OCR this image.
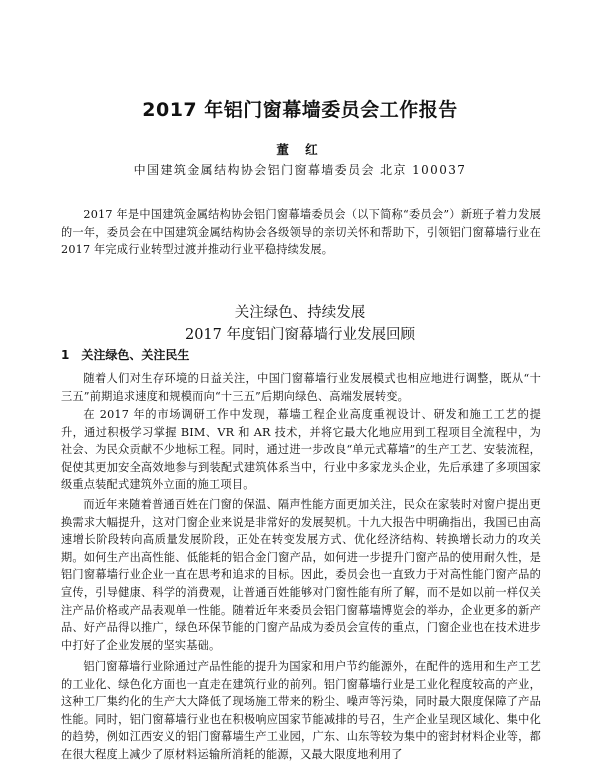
2017 年铝门窗幕墙委员会工作报告
董 红
中国建筑金属结构协会铝门窗幕墙委员会 北京 100037

2017 年是中国建筑金属结构协会铝门窗幕墙委员会（以下简称“委员会”）新班子着力发展的一年，委员会在中国建筑金属结构协会各级领导的亲切关怀和帮助下，引领铝门窗幕墙行业在 2017 年完成行业转型过渡并推动行业平稳持续发展。

关注绿色、持续发展
2017 年度铝门窗幕墙行业发展回顾
1 关注绿色、关注民生

随着人们对生存环境的日益关注，中国门窗幕墙行业发展模式也相应地进行调整，既从“十三五”前期追求速度和规模而向“十三五”后期向绿色、高端发展转变。

在 2017 年的市场调研工作中发现，幕墙工程企业高度重视设计、研发和施工工艺的提升，通过积极学习掌握 BIM、VR 和 AR 技术，并将它最大化地应用到工程项目全流程中，为社会、为民众贡献不少地标工程。同时，通过进一步改良“单元式幕墙”的生产工艺、安装流程，促使其更加安全高效地参与到装配式建筑体系当中，行业中多家龙头企业，先后承建了多项国家级重点装配式建筑外立面的施工项目。

而近年来随着普通百姓在门窗的保温、隔声性能方面更加关注，民众在家装时对窗户提出更换需求大幅提升，这对门窗企业来说是非常好的发展契机。十九大报告中明确指出，我国已由高速增长阶段转向高质量发展阶段，正处在转变发展方式、优化经济结构、转换增长动力的攻关期。如何生产出高性能、低能耗的铝合金门窗产品，如何进一步提升门窗产品的使用耐久性，是铝门窗幕墙行业企业一直在思考和追求的目标。因此，委员会也一直致力于对高性能门窗产品的宣传，引导健康、科学的消费观，让普通百姓能够对门窗性能有所了解，而不是如以前一样仅关注产品价格或产品表观单一性能。随着近年来委员会铝门窗幕墙博览会的举办，企业更多的新产品、好产品得以推广，绿色环保节能的门窗产品成为委员会宣传的重点，门窗企业也在技术进步中打好了企业发展的坚实基础。

铝门窗幕墙行业除通过产品性能的提升为国家和用户节约能源外，在配件的选用和生产工艺的工业化、绿色化方面也一直走在建筑行业的前列。铝门窗幕墙行业是工业化程度较高的产业，这种工厂集约化的生产大大降低了现场施工带来的粉尘、噪声等污染，同时最大限度保障了产品性能。同时，铝门窗幕墙行业也在积极响应国家节能减排的号召，生产企业呈现区域化、集中化的趋势，例如江西安义的铝门窗幕墙生产工业园，广东、山东等较为集中的密封材料企业等，都在很大程度上减少了原材料运输所消耗的能源，又最大限度地利用了
